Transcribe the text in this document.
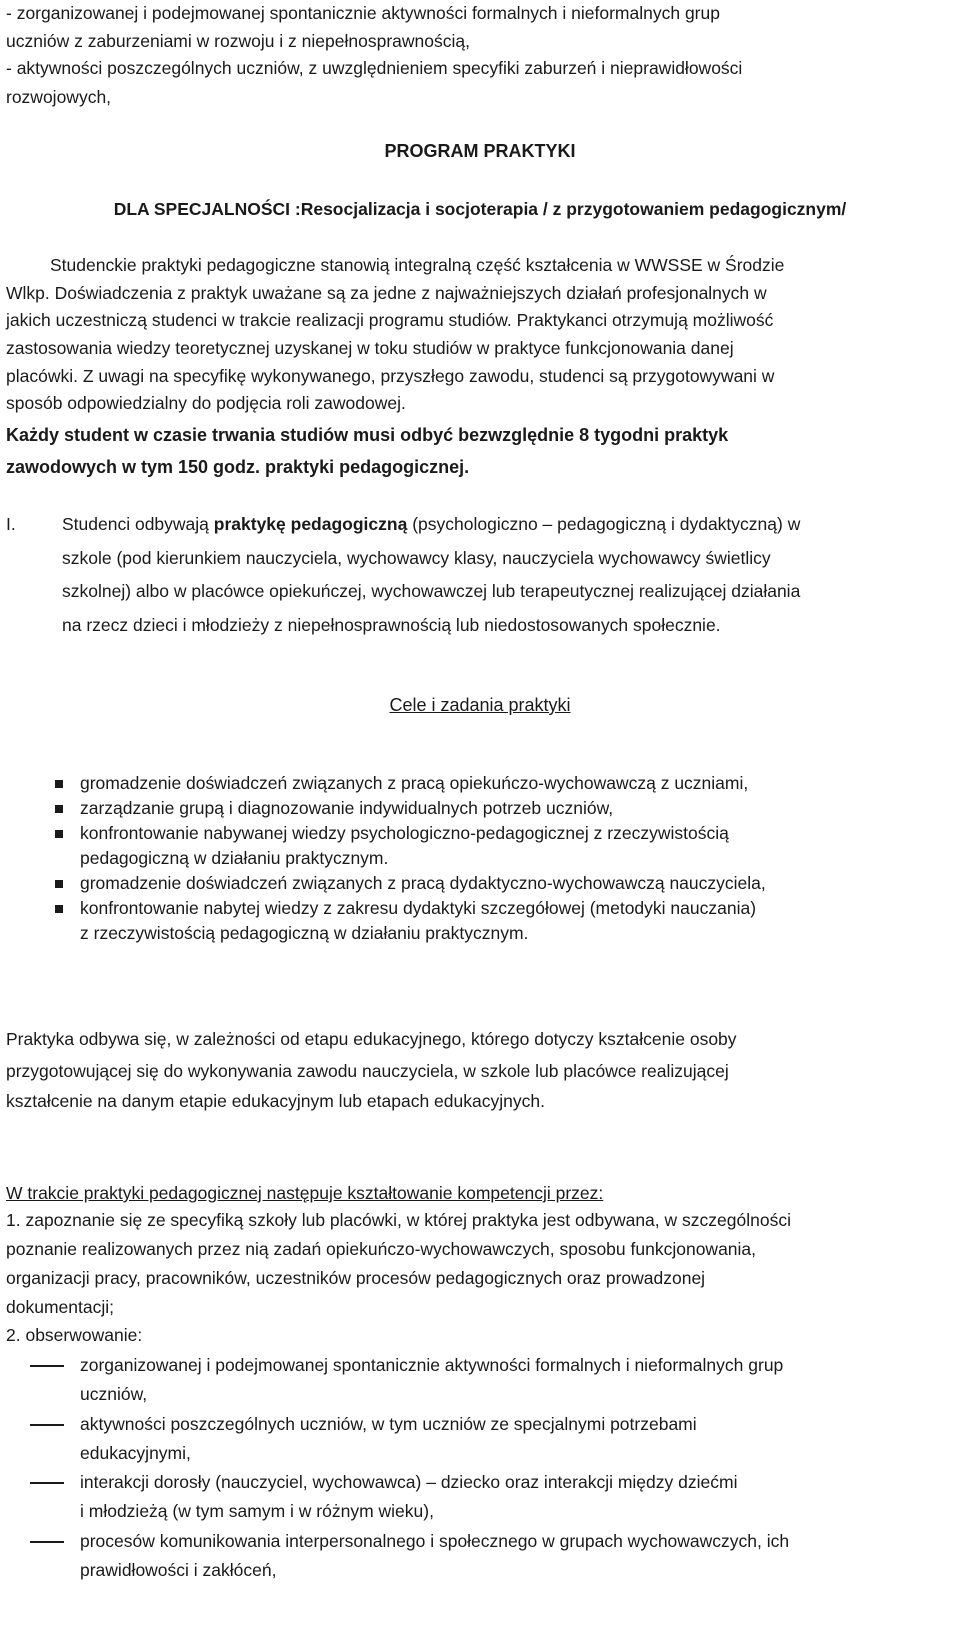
- zorganizowanej i podejmowanej spontanicznie aktywności formalnych i nieformalnych grup
uczniów z zaburzeniami w rozwoju i z niepełnosprawnością,
- aktywności poszczególnych uczniów, z uwzględnieniem specyfiki zaburzeń i nieprawidłowości
rozwojowych,
PROGRAM PRAKTYKI
DLA SPECJALNOŚCI :Resocjalizacja i socjoterapia / z przygotowaniem pedagogicznym/
Studenckie praktyki pedagogiczne stanowią integralną część kształcenia w WWSSE w Środzie
Wlkp. Doświadczenia z praktyk uważane są za jedne z najważniejszych działań profesjonalnych w
jakich uczestniczą studenci w trakcie realizacji programu studiów. Praktykanci otrzymują możliwość
zastosowania wiedzy teoretycznej uzyskanej w toku studiów w praktyce funkcjonowania danej
placówki. Z uwagi na specyfikę wykonywanego, przyszłego zawodu, studenci są przygotowywani w
sposób odpowiedzialny do podjęcia roli zawodowej.
Każdy student w czasie trwania studiów musi odbyć bezwzględnie 8 tygodni praktyk
zawodowych w tym 150 godz. praktyki pedagogicznej.
I.	Studenci odbywają praktykę pedagogiczną (psychologiczno – pedagogiczną i dydaktyczną) w
szkole (pod kierunkiem nauczyciela, wychowawcy klasy, nauczyciela wychowawcy świetlicy
szkolnej) albo w placówce opiekuńczej, wychowawczej lub terapeutycznej realizującej działania
na rzecz dzieci i młodzieży z niepełnosprawnością lub niedostosowanych społecznie.
Cele i zadania praktyki
gromadzenie doświadczeń związanych z pracą opiekuńczo-wychowawczą z uczniami,
zarządzanie grupą i diagnozowanie indywidualnych potrzeb uczniów,
konfrontowanie nabywanej wiedzy psychologiczno-pedagogicznej z rzeczywistością
pedagogiczną w działaniu praktycznym.
gromadzenie doświadczeń związanych z pracą dydaktyczno-wychowawczą nauczyciela,
konfrontowanie nabytej wiedzy z zakresu dydaktyki szczegółowej (metodyki nauczania)
z rzeczywistością pedagogiczną w działaniu praktycznym.
Praktyka odbywa się, w zależności od etapu edukacyjnego, którego dotyczy kształcenie osoby
przygotowującej się do wykonywania zawodu nauczyciela, w szkole lub placówce realizującej
kształcenie na danym etapie edukacyjnym lub etapach edukacyjnych.
W trakcie praktyki pedagogicznej następuje kształtowanie kompetencji przez:
1. zapoznanie się ze specyfiką szkoły lub placówki, w której praktyka jest odbywana, w szczególności
poznanie realizowanych przez nią zadań opiekuńczo-wychowawczych, sposobu funkcjonowania,
organizacji pracy, pracowników, uczestników procesów pedagogicznych oraz prowadzonej
dokumentacji;
2. obserwowanie:
zorganizowanej i podejmowanej spontanicznie aktywności formalnych i nieformalnych grup
uczniów,
aktywności poszczególnych uczniów, w tym uczniów ze specjalnymi potrzebami
edukacyjnymi,
interakcji dorosły (nauczyciel, wychowawca) – dziecko oraz interakcji między dziećmi
i młodzieżą (w tym samym i w różnym wieku),
procesów komunikowania interpersonalnego i społecznego w grupach wychowawczych, ich
prawidłowości i zakłóceń,
